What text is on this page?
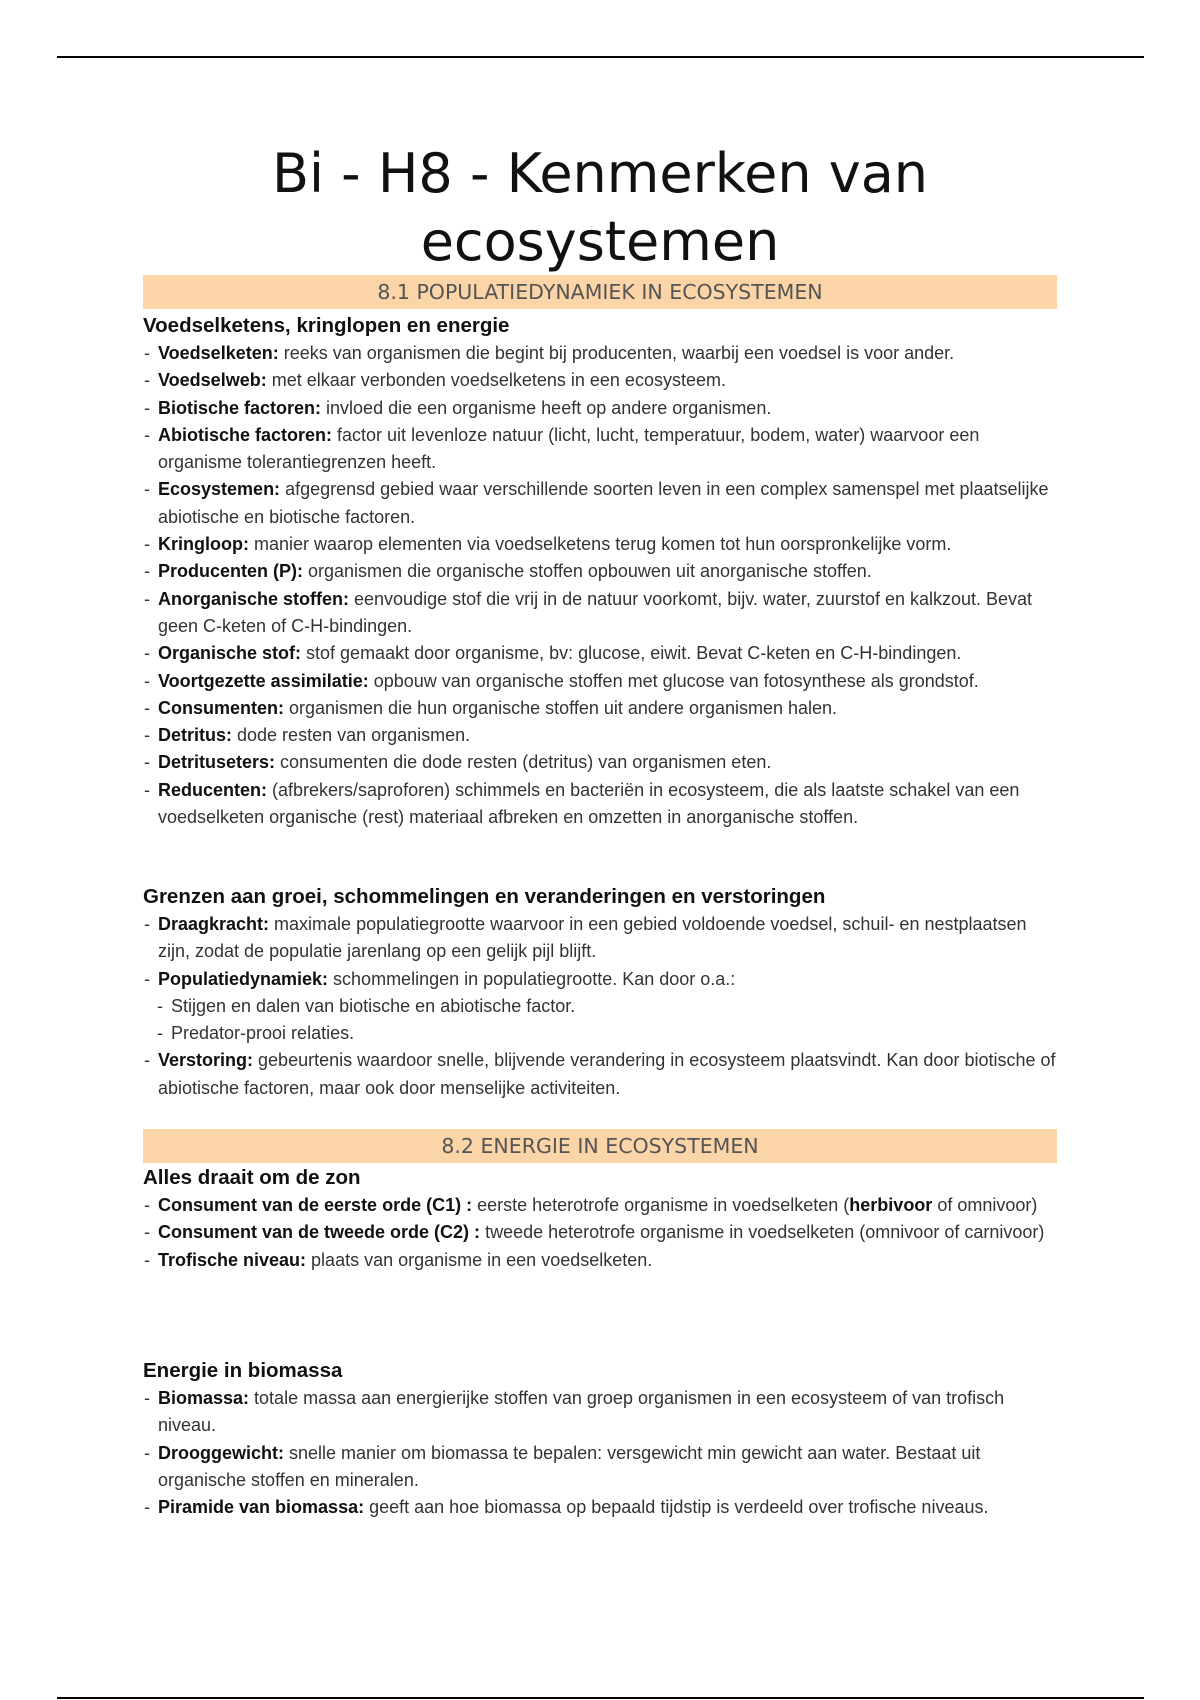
Bi - H8 - Kenmerken van ecosystemen
8.1 POPULATIEDYNAMIEK IN ECOSYSTEMEN
Voedselketens, kringlopen en energie
- Voedselketen: reeks van organismen die begint bij producenten, waarbij een voedsel is voor ander.
- Voedselweb: met elkaar verbonden voedselketens in een ecosysteem.
- Biotische factoren: invloed die een organisme heeft op andere organismen.
- Abiotische factoren: factor uit levenloze natuur (licht, lucht, temperatuur, bodem, water) waarvoor een organisme tolerantiegrenzen heeft.
- Ecosystemen: afgegrensd gebied waar verschillende soorten leven in een complex samenspel met plaatselijke abiotische en biotische factoren.
- Kringloop: manier waarop elementen via voedselketens terug komen tot hun oorspronkelijke vorm.
- Producenten (P): organismen die organische stoffen opbouwen uit anorganische stoffen.
- Anorganische stoffen: eenvoudige stof die vrij in de natuur voorkomt, bijv. water, zuurstof en kalkzout. Bevat geen C-keten of C-H-bindingen.
- Organische stof: stof gemaakt door organisme, bv: glucose, eiwit. Bevat C-keten en C-H-bindingen.
- Voortgezette assimilatie: opbouw van organische stoffen met glucose van fotosynthese als grondstof.
- Consumenten: organismen die hun organische stoffen uit andere organismen halen.
- Detritus: dode resten van organismen.
- Detrituseters: consumenten die dode resten (detritus) van organismen eten.
- Reducenten: (afbrekers/saproforen) schimmels en bacteriën in ecosysteem, die als laatste schakel van een voedselketen organische (rest) materiaal afbreken en omzetten in anorganische stoffen.
Grenzen aan groei, schommelingen en veranderingen en verstoringen
- Draagkracht: maximale populatiegrootte waarvoor in een gebied voldoende voedsel, schuil- en nestplaatsen zijn, zodat de populatie jarenlang op een gelijk pijl blijft.
- Populatiedynamiek: schommelingen in populatiegrootte. Kan door o.a.:
- Stijgen en dalen van biotische en abiotische factor.
- Predator-prooi relaties.
- Verstoring: gebeurtenis waardoor snelle, blijvende verandering in ecosysteem plaatsvindt. Kan door biotische of abiotische factoren, maar ook door menselijke activiteiten.
8.2 ENERGIE IN ECOSYSTEMEN
Alles draait om de zon
- Consument van de eerste orde (C1) : eerste heterotrofe organisme in voedselketen (herbivoor of omnivoor)
- Consument van de tweede orde (C2) : tweede heterotrofe organisme in voedselketen (omnivoor of carnivoor)
- Trofische niveau: plaats van organisme in een voedselketen.
Energie in biomassa
- Biomassa: totale massa aan energierijke stoffen van groep organismen in een ecosysteem of van trofisch niveau.
- Drooggewicht: snelle manier om biomassa te bepalen: versgewicht min gewicht aan water. Bestaat uit organische stoffen en mineralen.
- Piramide van biomassa: geeft aan hoe biomassa op bepaald tijdstip is verdeeld over trofische niveaus.
